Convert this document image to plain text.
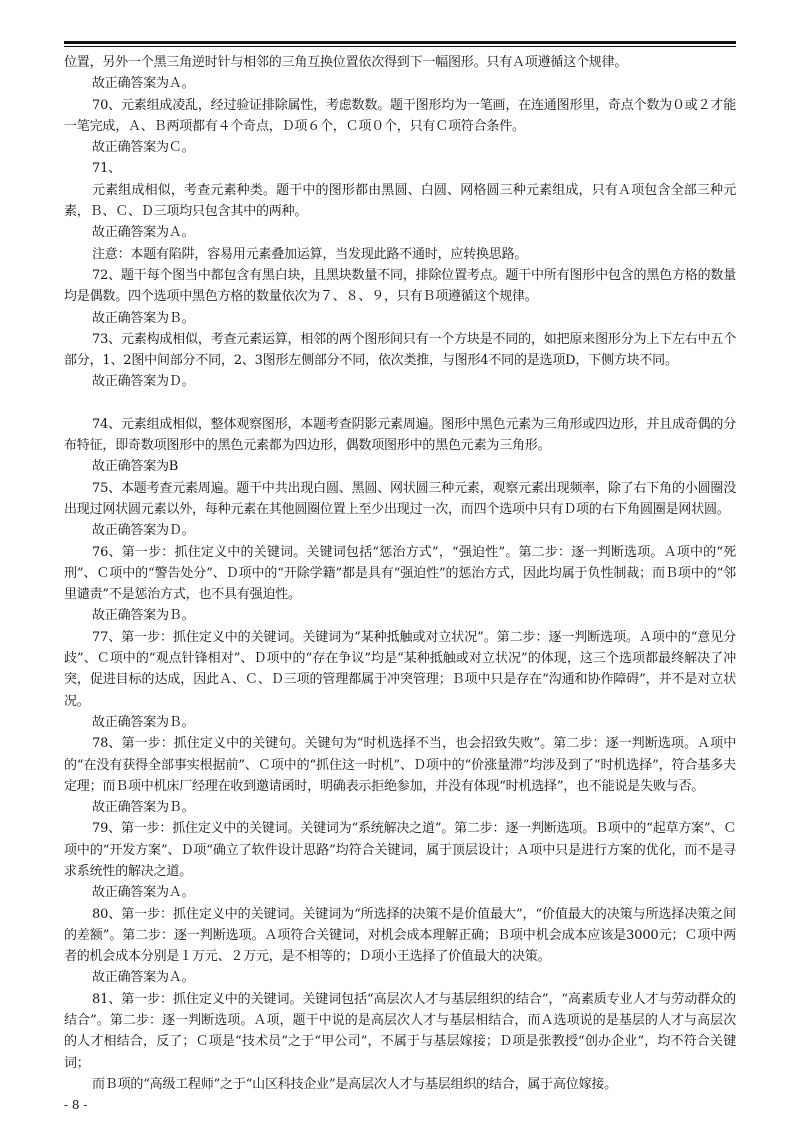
位置，另外一个黑三角逆时针与相邻的三角互换位置依次得到下一幅图形。只有Ａ项遵循这个规律。

故正确答案为Ａ。

70、元素组成凌乱，经过验证排除属性，考虑数数。题干图形均为一笔画，在连通图形里，奇点个数为０或２才能一笔完成，Ａ、Ｂ两项都有４个奇点，Ｄ项６个，Ｃ项０个，只有Ｃ项符合条件。

故正确答案为Ｃ。

71、

元素组成相似，考查元素种类。题干中的图形都由黑圆、白圆、网格圆三种元素组成，只有Ａ项包含全部三种元素，Ｂ、Ｃ、Ｄ三项均只包含其中的两种。

故正确答案为Ａ。

注意：本题有陷阱，容易用元素叠加运算，当发现此路不通时，应转换思路。

72、题干每个图当中都包含有黑白块，且黑块数量不同，排除位置考点。题干中所有图形中包含的黑色方格的数量均是偶数。四个选项中黑色方格的数量依次为７、８、９，只有Ｂ项遵循这个规律。

故正确答案为Ｂ。

73、元素构成相似，考查元素运算，相邻的两个图形间只有一个方块是不同的，如把原来图形分为上下左右中五个部分，1、2图中间部分不同，2、3图形左侧部分不同，依次类推，与图形4不同的是选项D，下侧方块不同。

故正确答案为Ｄ。

74、元素组成相似，整体观察图形，本题考查阴影元素周遍。图形中黑色元素为三角形或四边形，并且成奇偶的分布特征，即奇数项图形中的黑色元素都为四边形，偶数项图形中的黑色元素为三角形。

故正确答案为B

75、本题考查元素周遍。题干中共出现白圆、黑圆、网状圆三种元素，观察元素出现频率，除了右下角的小圆圈没出现过网状圆元素以外，每种元素在其他圆圈位置上至少出现过一次，而四个选项中只有Ｄ项的右下角圆圈是网状圆。

故正确答案为Ｄ。

76、第一步：抓住定义中的关键词。关键词包括“惩治方式”，“强迫性”。第二步：逐一判断选项。Ａ项中的“死刑”、Ｃ项中的“警告处分”、Ｄ项中的“开除学籍”都是具有“强迫性”的惩治方式，因此均属于负性制裁；而Ｂ项中的“邻里谴责”不是惩治方式，也不具有强迫性。

故正确答案为Ｂ。

77、第一步：抓住定义中的关键词。关键词为“某种抵触或对立状况”。第二步：逐一判断选项。Ａ项中的“意见分歧”、Ｃ项中的“观点针锋相对”、Ｄ项中的“存在争议”均是“某种抵触或对立状况”的体现，这三个选项都最终解决了冲突，促进目标的达成，因此Ａ、Ｃ、Ｄ三项的管理都属于冲突管理；Ｂ项中只是存在“沟通和协作障碍”，并不是对立状况。

故正确答案为Ｂ。

78、第一步：抓住定义中的关键句。关键句为“时机选择不当，也会招致失败”。第二步：逐一判断选项。Ａ项中的“在没有获得全部事实根据前”、Ｃ项中的“抓住这一时机”、Ｄ项中的“价涨量滞”均涉及到了“时机选择”，符合基多夫定理；而Ｂ项中机床厂经理在收到邀请函时，明确表示拒绝参加，并没有体现“时机选择”，也不能说是失败与否。

故正确答案为Ｂ。

79、第一步：抓住定义中的关键词。关键词为“系统解决之道”。第二步：逐一判断选项。Ｂ项中的“起草方案”、Ｃ项中的“开发方案”、Ｄ项“确立了软件设计思路”均符合关键词，属于顶层设计；Ａ项中只是进行方案的优化，而不是寻求系统性的解决之道。

故正确答案为Ａ。

80、第一步：抓住定义中的关键词。关键词为“所选择的决策不是价值最大”，“价值最大的决策与所选择决策之间的差额”。第二步：逐一判断选项。Ａ项符合关键词，对机会成本理解正确；Ｂ项中机会成本应该是3000元；Ｃ项中两者的机会成本分别是１万元、２万元，是不相等的；Ｄ项小王选择了价值最大的决策。

故正确答案为Ａ。

81、第一步：抓住定义中的关键词。关键词包括“高层次人才与基层组织的结合”，“高素质专业人才与劳动群众的结合”。第二步：逐一判断选项。Ａ项，题干中说的是高层次人才与基层相结合，而Ａ选项说的是基层的人才与高层次的人才相结合，反了；Ｃ项是“技术员”之于“甲公司”，不属于与基层嫁接；Ｄ项是张教授“创办企业”，均不符合关键词；

而Ｂ项的“高级工程师”之于“山区科技企业”是高层次人才与基层组织的结合，属于高位嫁接。

- 8 -
